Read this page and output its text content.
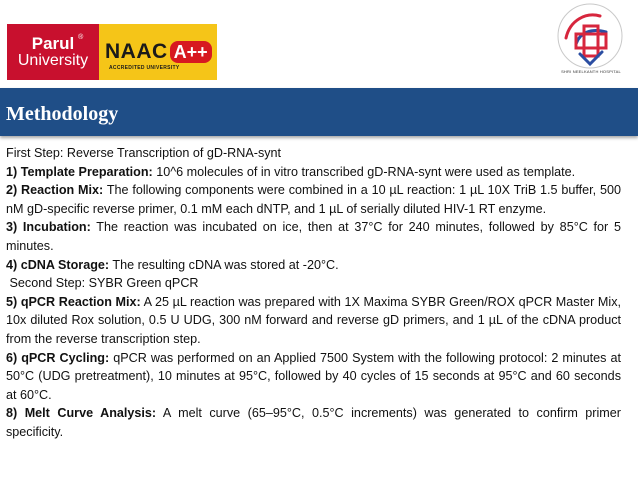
Parul ®
University NAAC A++
ACCREDITED UNIVERSITY
SHRI NEELKANTH HOSPITAL
Methodology

First Step: Reverse Transcription of gD-RNA-synt

1) Template Preparation: 10^6 molecules of in vitro transcribed gD-RNA-synt were used as template.

2) Reaction Mix: The following components were combined in a 10 µL reaction: 1 µL 10X TriB 1.5 buffer, 500 nM gD-specific reverse primer, 0.1 mM each dNTP, and 1 µL of serially diluted HIV-1 RT enzyme.

3) Incubation: The reaction was incubated on ice, then at 37°C for 240 minutes, followed by 85°C for 5 minutes.

4) cDNA Storage: The resulting cDNA was stored at -20°C.

Second Step: SYBR Green qPCR

5) qPCR Reaction Mix: A 25 µL reaction was prepared with 1X Maxima SYBR Green/ROX qPCR Master Mix, 10x diluted Rox solution, 0.5 U UDG, 300 nM forward and reverse gD primers, and 1 µL of the cDNA product from the reverse transcription step.

6) qPCR Cycling: qPCR was performed on an Applied 7500 System with the following protocol: 2 minutes at 50°C (UDG pretreatment), 10 minutes at 95°C, followed by 40 cycles of 15 seconds at 95°C and 60 seconds at 60°C.

8) Melt Curve Analysis: A melt curve (65–95°C, 0.5°C increments) was generated to confirm primer specificity.
